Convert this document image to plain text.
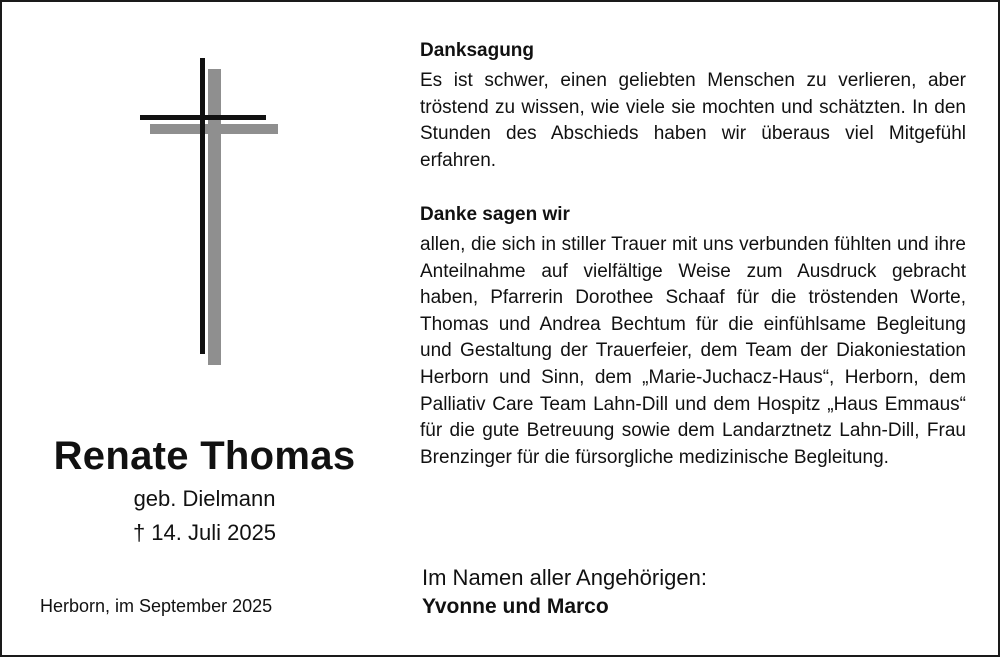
Renate Thomas
geb. Dielmann
† 14. Juli 2025
Herborn, im September 2025
Danksagung
Es ist schwer, einen geliebten Menschen zu verlieren, aber tröstend zu wissen, wie viele sie mochten und schätzten. In den Stunden des Abschieds haben wir überaus viel Mitgefühl erfahren.
Danke sagen wir
allen, die sich in stiller Trauer mit uns verbunden fühlten und ihre Anteilnahme auf vielfältige Weise zum Ausdruck gebracht haben, Pfarrerin Dorothee Schaaf für die tröstenden Worte, Thomas und Andrea Bechtum für die einfühlsame Begleitung und Gestaltung der Trauerfeier, dem Team der Diakoniestation Herborn und Sinn, dem „Marie-Juchacz-Haus“, Herborn, dem Palliativ Care Team Lahn-Dill und dem Hospitz „Haus Emmaus“ für die gute Betreuung sowie dem Landarztnetz Lahn-Dill, Frau Brenzinger für die fürsorgliche medizinische Begleitung.
Im Namen aller Angehörigen:
Yvonne und Marco
